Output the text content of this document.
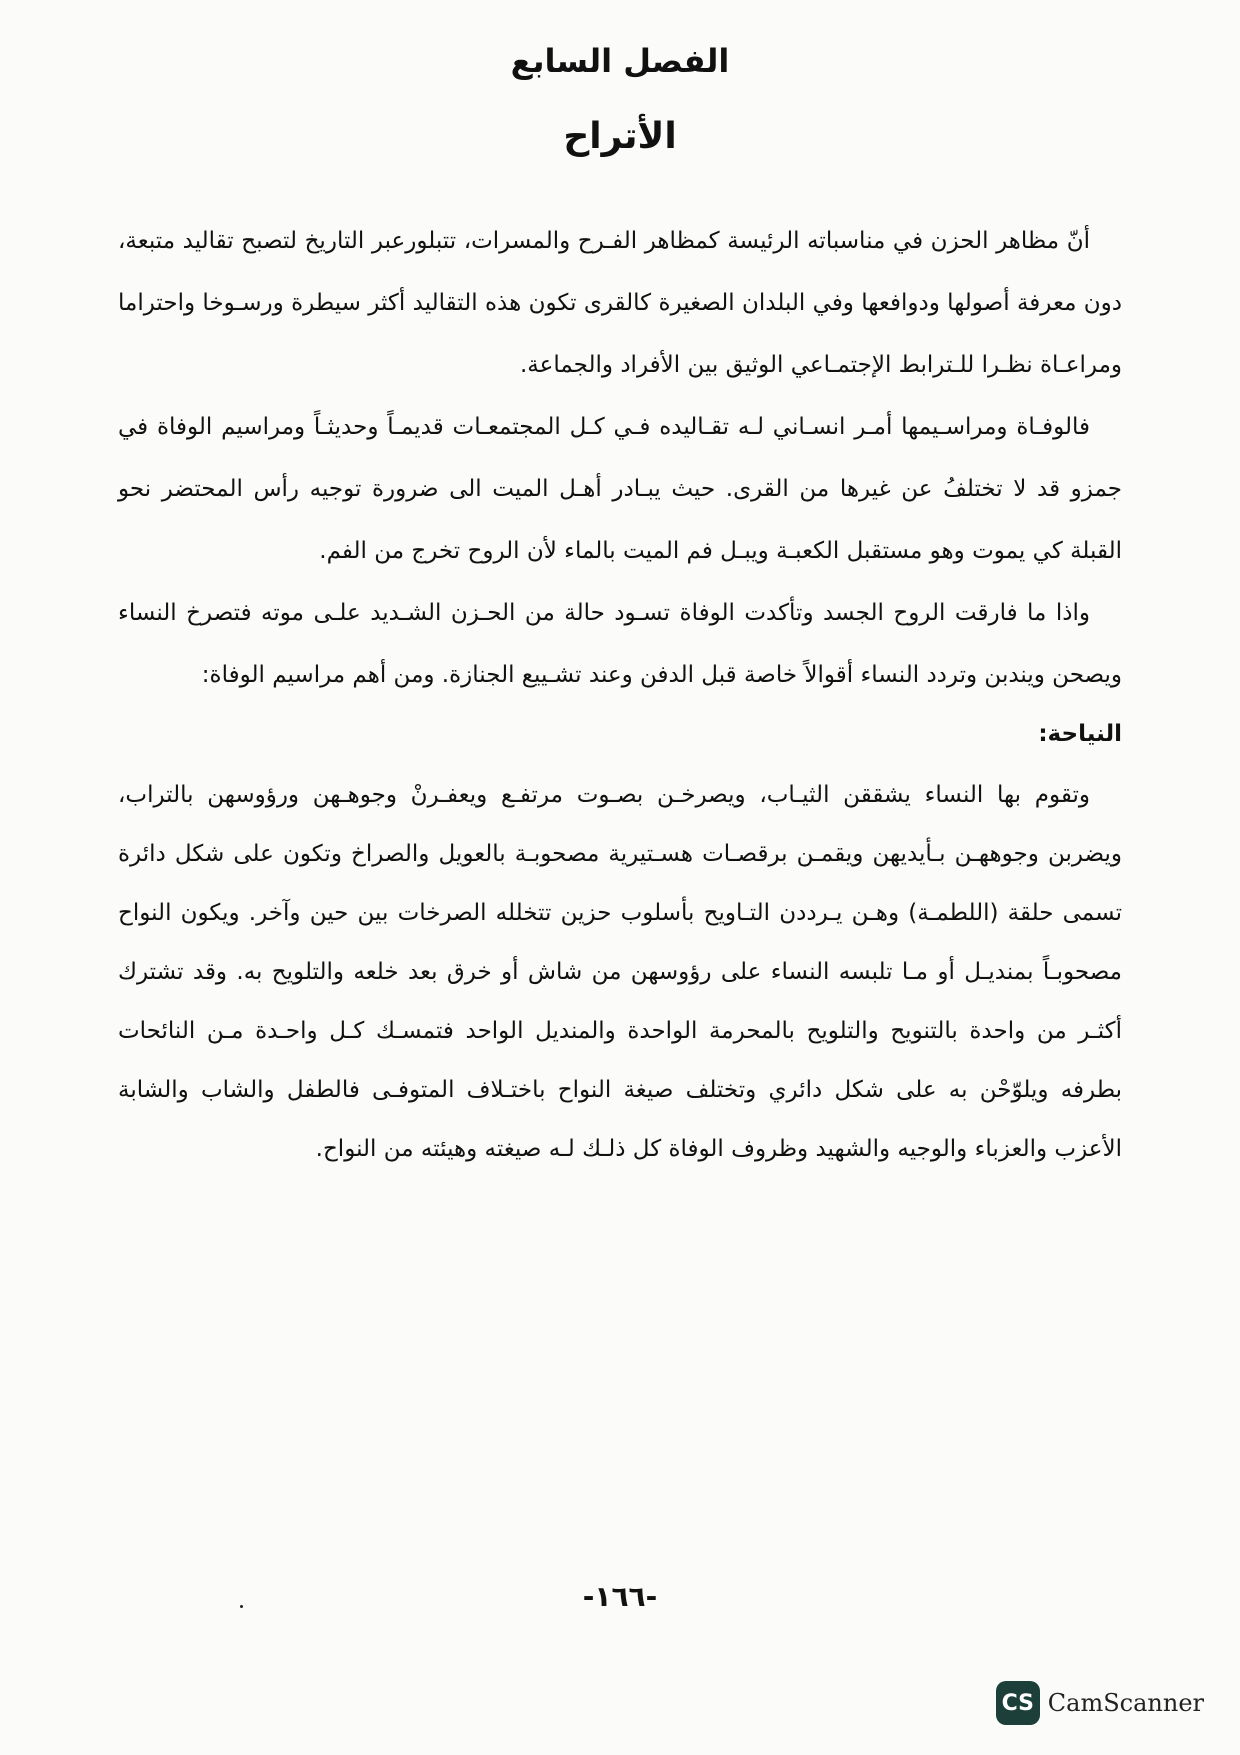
الفصل السابع
الأتراح

أنّ مظاهر الحزن في مناسباته الرئيسة كمظاهر الفـرح والمسرات، تتبلورعبر التاريخ لتصبح تقاليد متبعة، دون معرفة أصولها ودوافعها وفي البلدان الصغيرة كالقرى تكون هذه التقاليد أكثر سيطرة ورسـوخا واحتراما ومراعـاة نظـرا للـترابط الإجتمـاعي الوثيق بين الأفراد والجماعة.

فالوفـاة ومراسـيمها أمـر انسـاني لـه تقـاليده فـي كـل المجتمعـات قديمـاً وحديثـاً ومراسيم الوفاة في جمزو قد لا تختلفُ عن غيرها من القرى. حيث يبـادر أهـل الميت الى ضرورة توجيه رأس المحتضر نحو القبلة كي يموت وهو مستقبل الكعبـة ويبـل فم الميت بالماء لأن الروح تخرج من الفم.

واذا ما فارقت الروح الجسد وتأكدت الوفاة تسـود حالة من الحـزن الشـديد علـى موته فتصرخ النساء ويصحن ويندبن وتردد النساء أقوالاً خاصة قبل الدفن وعند تشـييع الجنازة. ومن أهم مراسيم الوفاة:

النياحة:

وتقوم بها النساء يشققن الثيـاب، ويصرخـن بصـوت مرتفـع ويعفـرنْ وجوهـهن ورؤوسهن بالتراب، ويضربن وجوههـن بـأيديهن ويقمـن برقصـات هسـتيرية مصحوبـة بالعويل والصراخ وتكون على شكل دائرة تسمى حلقة (اللطمـة) وهـن يـرددن التـاويح بأسلوب حزين تتخلله الصرخات بين حين وآخر. ويكون النواح مصحوبـاً بمنديـل أو مـا تلبسه النساء على رؤوسهن من شاش أو خرق بعد خلعه والتلويح به. وقد تشترك أكثـر من واحدة بالتنويح والتلويح بالمحرمة الواحدة والمنديل الواحد فتمسـك كـل واحـدة مـن النائحات بطرفه ويلوّحْن به على شكل دائري وتختلف صيغة النواح باختـلاف المتوفـى فالطفل والشاب والشابة الأعزب والعزباء والوجيه والشهيد وظروف الوفاة كل ذلـك لـه صيغته وهيئته من النواح.

-١٦٦-
CS CamScanner
